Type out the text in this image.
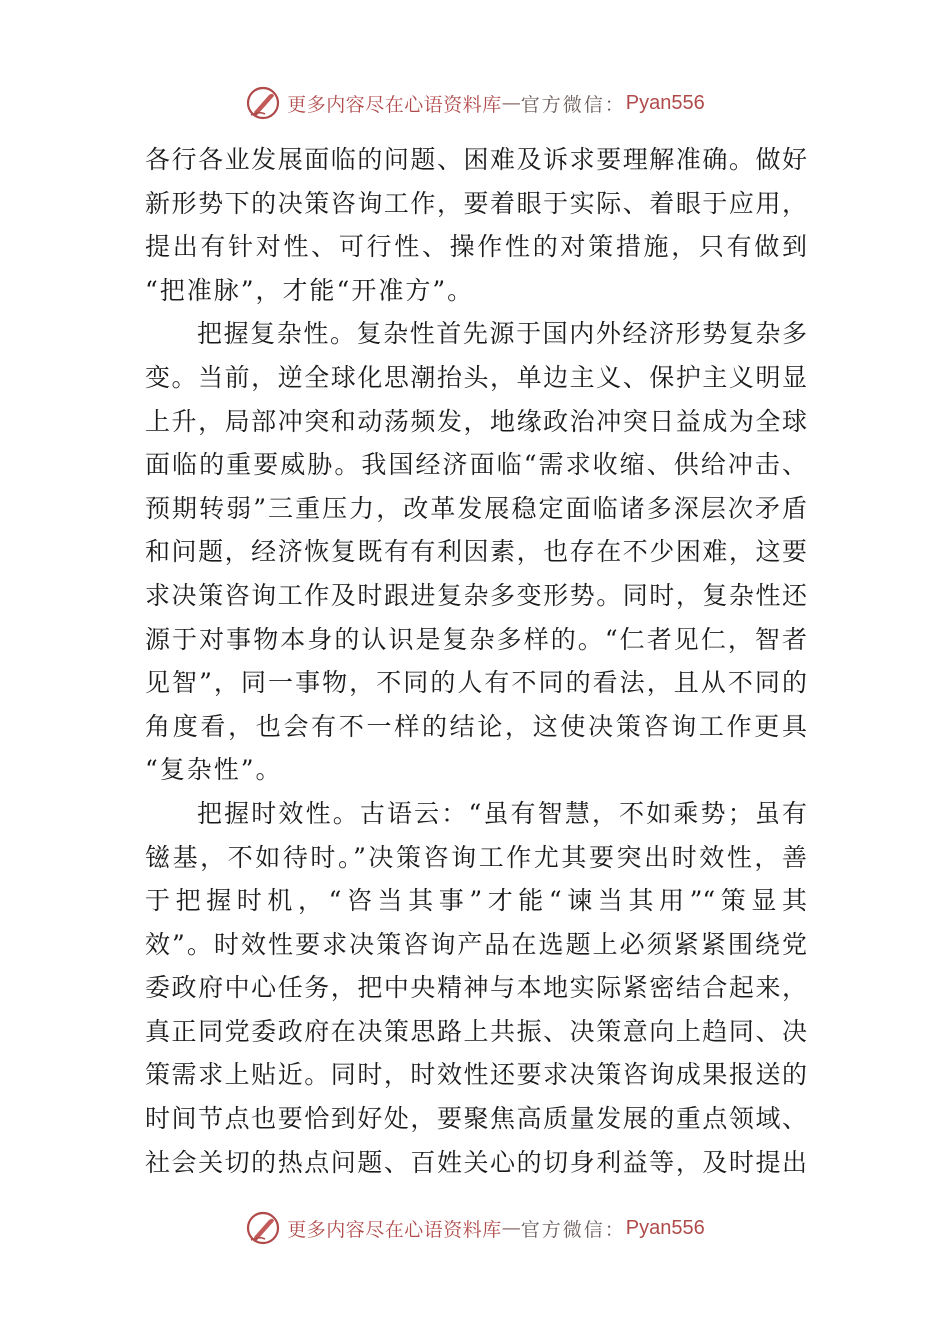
更多内容尽在心语资料库 — 官方微信： Pyan556
各行各业发展面临的问题、困难及诉求要理解准确。做好
新形势下的决策咨询工作，要着眼于实际、着眼于应用，
提出有针对性、可行性、操作性的对策措施，只有做到
“把准脉”，才能“开准方”。
把握复杂性。复杂性首先源于国内外经济形势复杂多
变。当前，逆全球化思潮抬头，单边主义、保护主义明显
上升，局部冲突和动荡频发，地缘政治冲突日益成为全球
面临的重要威胁。我国经济面临“需求收缩、供给冲击、
预期转弱”三重压力，改革发展稳定面临诸多深层次矛盾
和问题，经济恢复既有有利因素，也存在不少困难，这要
求决策咨询工作及时跟进复杂多变形势。同时，复杂性还
源于对事物本身的认识是复杂多样的。“仁者见仁，智者
见智”，同一事物，不同的人有不同的看法，且从不同的
角度看，也会有不一样的结论，这使决策咨询工作更具
“复杂性”。
把握时效性。古语云：“虽有智慧，不如乘势；虽有
镃基，不如待时。”决策咨询工作尤其要突出时效性，善
于把握时机，“咨当其事”才能“谏当其用”“策显其
效”。时效性要求决策咨询产品在选题上必须紧紧围绕党
委政府中心任务，把中央精神与本地实际紧密结合起来，
真正同党委政府在决策思路上共振、决策意向上趋同、决
策需求上贴近。同时，时效性还要求决策咨询成果报送的
时间节点也要恰到好处，要聚焦高质量发展的重点领域、
社会关切的热点问题、百姓关心的切身利益等，及时提出
更多内容尽在心语资料库 — 官方微信： Pyan556
